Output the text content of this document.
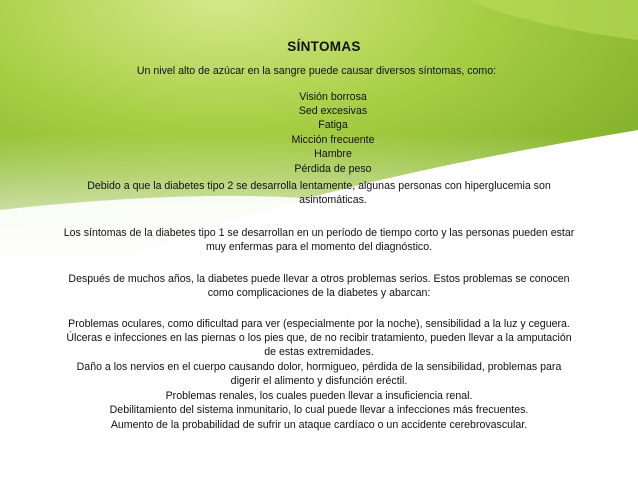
SÍNTOMAS
Un nivel alto de azúcar en la sangre puede causar diversos síntomas, como:
Visión borrosa
Sed excesivas
Fatiga
Micción frecuente
Hambre
Pérdida de peso
Debido a que la diabetes tipo 2 se desarrolla lentamente, algunas personas con hiperglucemia son
asintomáticas.
Los síntomas de la diabetes tipo 1 se desarrollan en un período de tiempo corto y las personas pueden estar
muy enfermas para el momento del diagnóstico.
Después de muchos años, la diabetes puede llevar a otros problemas serios. Estos problemas se conocen
como complicaciones de la diabetes y abarcan:
Problemas oculares, como dificultad para ver (especialmente por la noche), sensibilidad a la luz y ceguera.
Úlceras e infecciones en las piernas o los pies que, de no recibir tratamiento, pueden llevar a la amputación
de estas extremidades.
Daño a los nervios en el cuerpo causando dolor, hormigueo, pérdida de la sensibilidad, problemas para
digerir el alimento y disfunción eréctil.
Problemas renales, los cuales pueden llevar a insuficiencia renal.
Debilitamiento del sistema inmunitario, lo cual puede llevar a infecciones más frecuentes.
Aumento de la probabilidad de sufrir un ataque cardíaco o un accidente cerebrovascular.
